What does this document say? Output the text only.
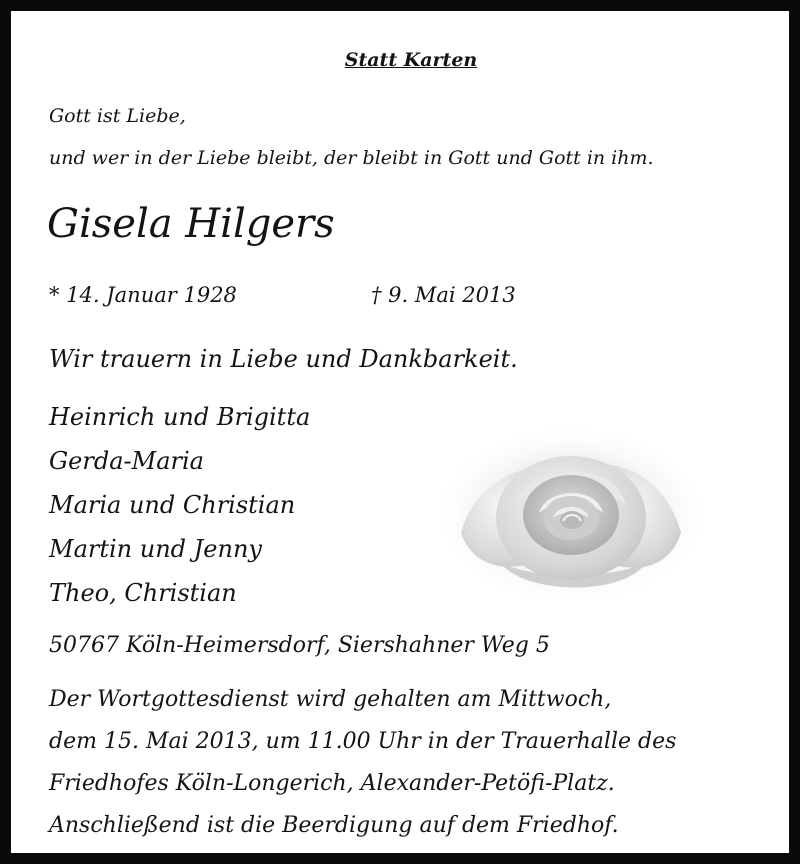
Statt Karten
Gott ist Liebe,
und wer in der Liebe bleibt, der bleibt in Gott und Gott in ihm.
Gisela Hilgers
* 14. Januar 1928	† 9. Mai 2013
Wir trauern in Liebe und Dankbarkeit.
Heinrich und Brigitta
Gerda-Maria
Maria und Christian
Martin und Jenny
Theo, Christian
50767 Köln-Heimersdorf, Siershahner Weg 5
Der Wortgottesdienst wird gehalten am Mittwoch,
dem 15. Mai 2013, um 11.00 Uhr in der Trauerhalle des
Friedhofes Köln-Longerich, Alexander-Petöfi-Platz.
Anschließend ist die Beerdigung auf dem Friedhof.
